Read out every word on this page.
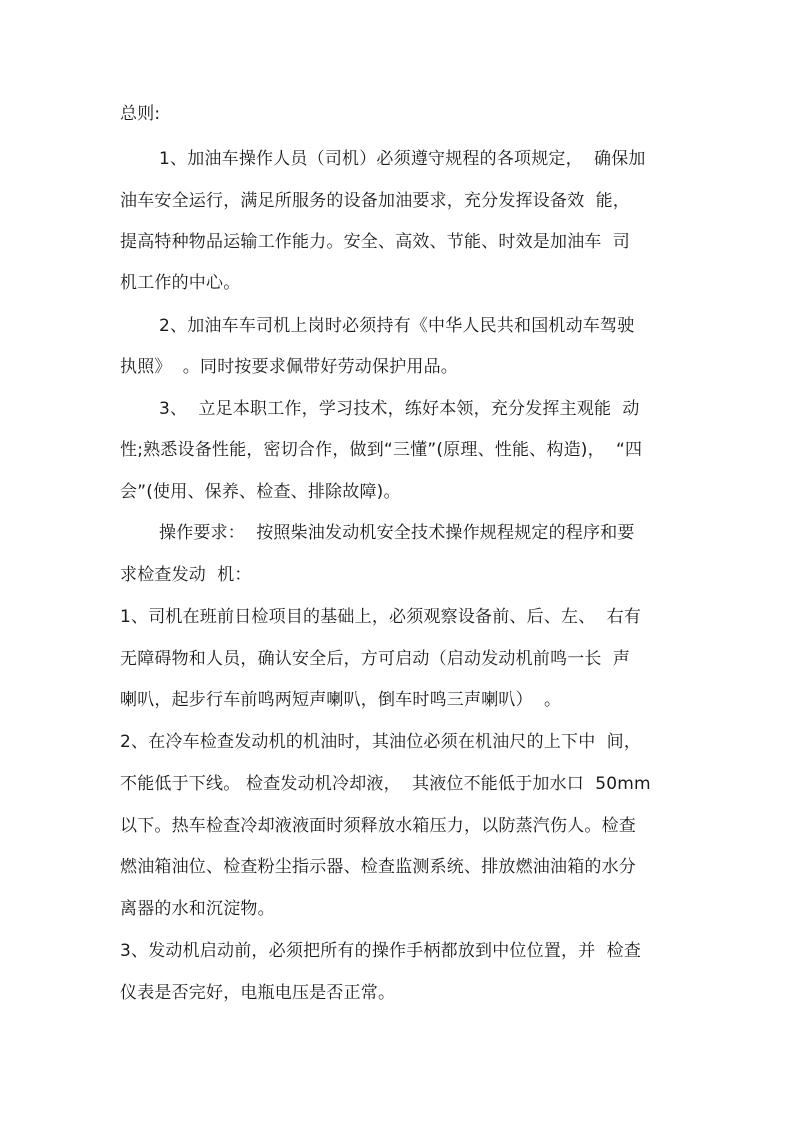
总则:
1、加油车操作人员（司机）必须遵守规程的各项规定，  确保加
油车安全运行，满足所服务的设备加油要求，充分发挥设备效  能，
提高特种物品运输工作能力。安全、高效、节能、时效是加油车  司
机工作的中心。
2、加油车车司机上岗时必须持有《中华人民共和国机动车驾驶
执照》  。同时按要求佩带好劳动保护用品。
3、  立足本职工作，学习技术，练好本领，充分发挥主观能  动
性;熟悉设备性能，密切合作，做到“三懂”(原理、性能、构造)，  “四
会”(使用、保养、检查、排除故障)。
操作要求：  按照柴油发动机安全技术操作规程规定的程序和要
求检查发动  机：
1、司机在班前日检项目的基础上，必须观察设备前、后、左、  右有
无障碍物和人员，确认安全后，方可启动（启动发动机前鸣一长  声
喇叭，起步行车前鸣两短声喇叭，倒车时鸣三声喇叭）  。
2、在冷车检查发动机的机油时，其油位必须在机油尺的上下中  间，
不能低于下线。 检查发动机冷却液，  其液位不能低于加水口  50mm
以下。热车检查冷却液液面时须释放水箱压力，以防蒸汽伤人。检查
燃油箱油位、检查粉尘指示器、检查监测系统、排放燃油油箱的水分
离器的水和沉淀物。
3、发动机启动前，必须把所有的操作手柄都放到中位位置，并  检查
仪表是否完好，电瓶电压是否正常。
